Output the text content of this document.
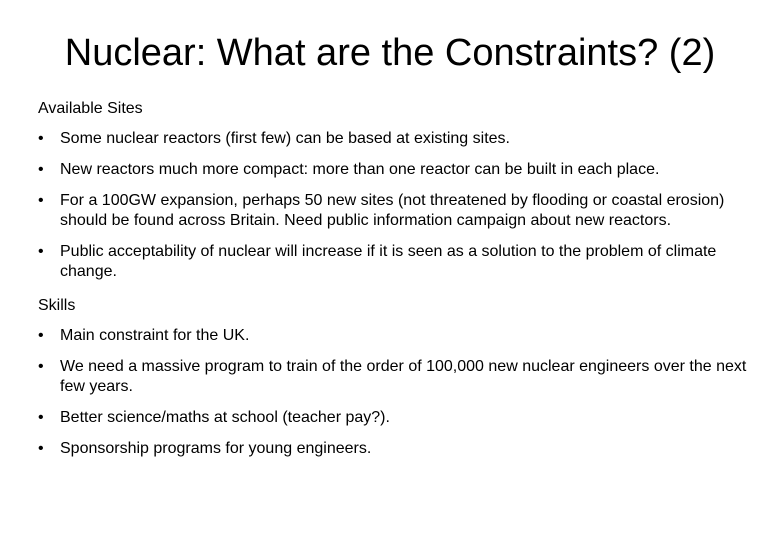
Nuclear: What are the Constraints? (2)

Available Sites

• Some nuclear reactors (first few) can be based at existing sites.
• New reactors much more compact: more than one reactor can be built in each place.
• For a 100GW expansion, perhaps 50 new sites (not threatened by flooding or coastal erosion) should be found across Britain. Need public information campaign about new reactors.
• Public acceptability of nuclear will increase if it is seen as a solution to the problem of climate change.

Skills

• Main constraint for the UK.
• We need a massive program to train of the order of 100,000 new nuclear engineers over the next few years.
• Better science/maths at school (teacher pay?).
• Sponsorship programs for young engineers.
